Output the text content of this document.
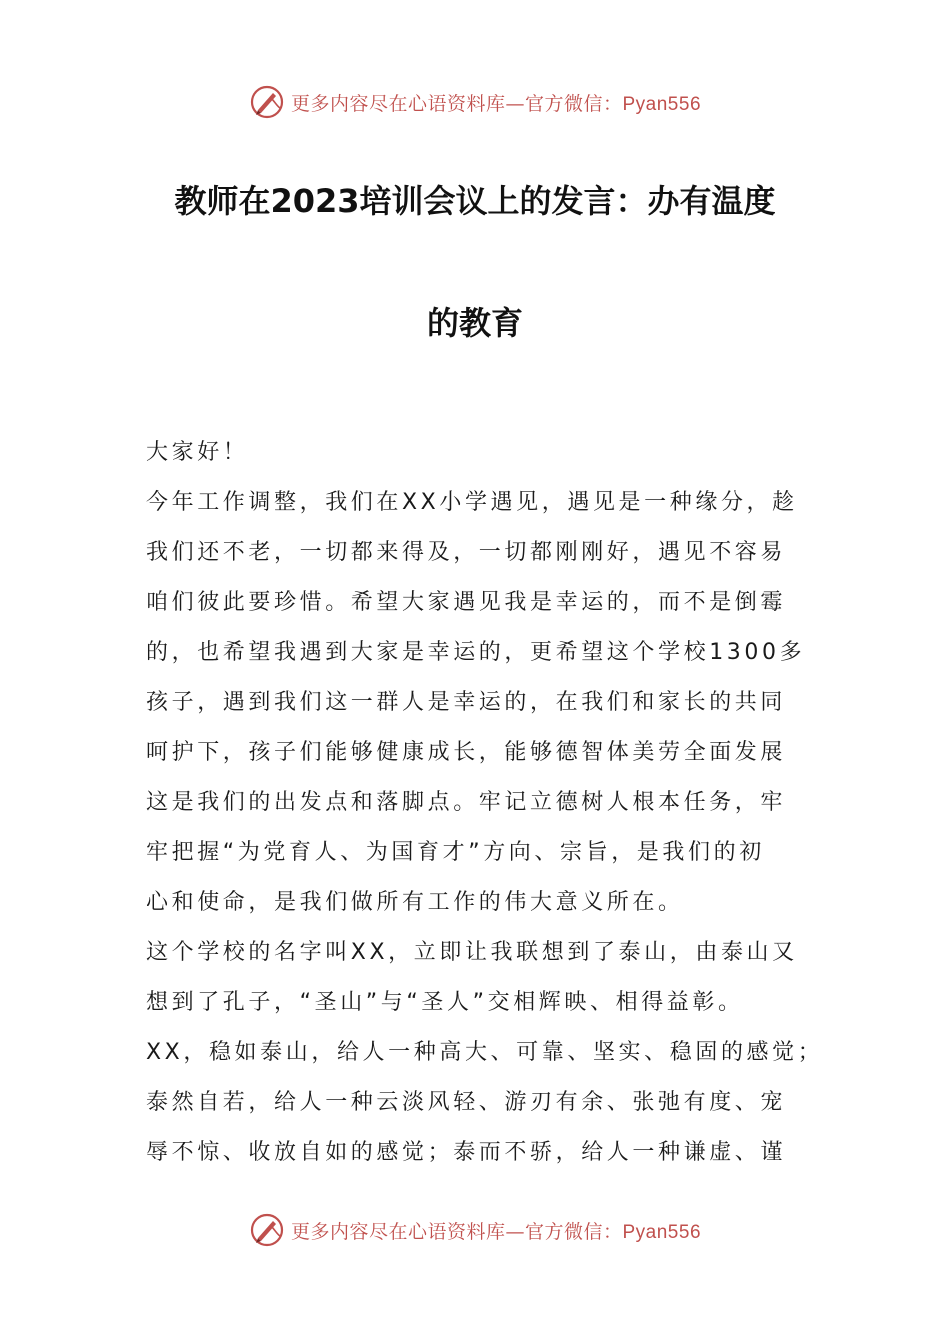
更多内容尽在心语资料库—官方微信：Pyan556
教师在2023培训会议上的发言：办有温度
的教育
大家好！
今年工作调整，我们在XX小学遇见，遇见是一种缘分，趁
我们还不老，一切都来得及，一切都刚刚好，遇见不容易
咱们彼此要珍惜。希望大家遇见我是幸运的，而不是倒霉
的，也希望我遇到大家是幸运的，更希望这个学校1300多
孩子，遇到我们这一群人是幸运的，在我们和家长的共同
呵护下，孩子们能够健康成长，能够德智体美劳全面发展
这是我们的出发点和落脚点。牢记立德树人根本任务，牢
牢把握“为党育人、为国育才”方向、宗旨，是我们的初
心和使命，是我们做所有工作的伟大意义所在。
这个学校的名字叫XX，立即让我联想到了泰山，由泰山又
想到了孔子，“圣山”与“圣人”交相辉映、相得益彰。
XX，稳如泰山，给人一种高大、可靠、坚实、稳固的感觉；
泰然自若，给人一种云淡风轻、游刃有余、张弛有度、宠
辱不惊、收放自如的感觉；泰而不骄，给人一种谦虚、谨
更多内容尽在心语资料库—官方微信：Pyan556
